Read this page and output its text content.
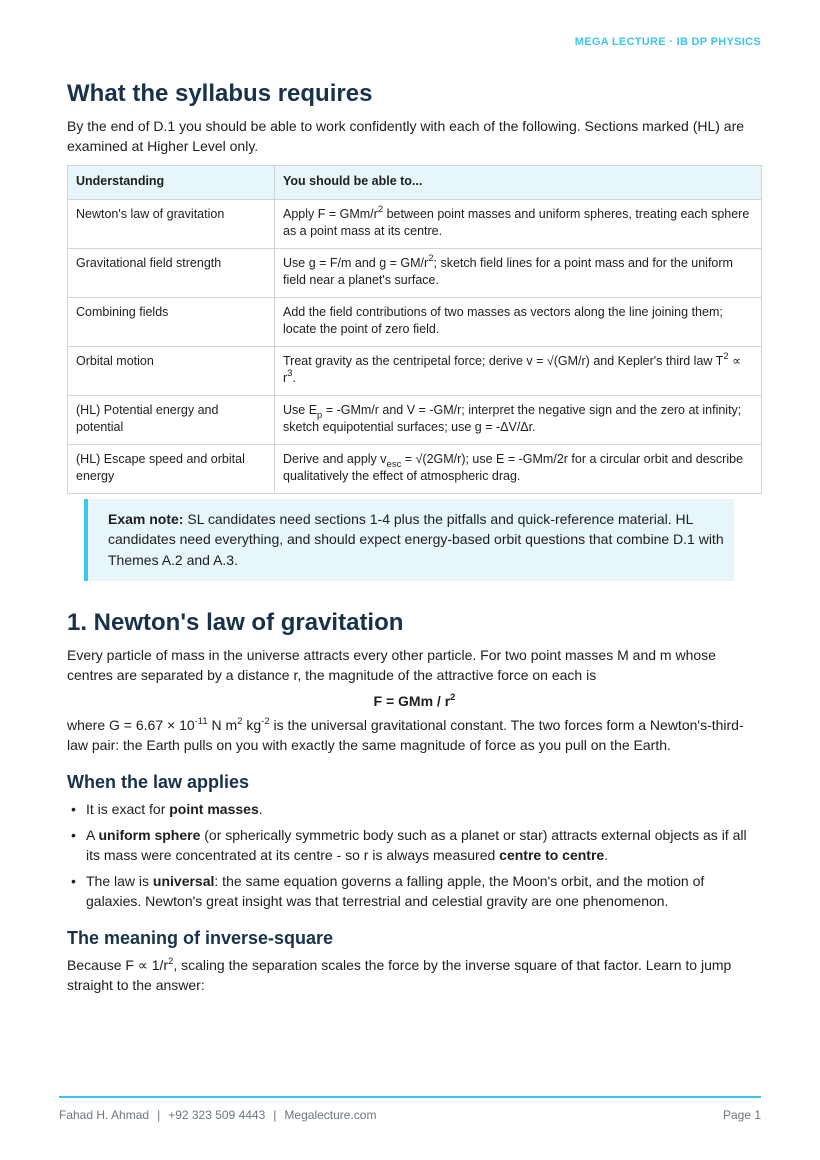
MEGA LECTURE · IB DP PHYSICS
What the syllabus requires

By the end of D.1 you should be able to work confidently with each of the following. Sections marked (HL) are examined at Higher Level only.

Understanding	You should be able to...
Newton's law of gravitation	Apply F = GMm/$r^2$ between point masses and uniform spheres, treating each sphere as a point mass at its centre.
Gravitational field strength	Use g = F/m and $g = GM/r^2$; sketch field lines for a point mass and for the uniform field near a planet's surface.
Combining fields	Add the field contributions of two masses as vectors along the line joining them; locate the point of zero field.
Orbital motion	Treat gravity as the centripetal force; derive v = √(GM/r) and Kepler's third law $T^2 \propto r^3$.
(HL) Potential energy and potential	Use $E_p = -GMm/r$ and V = -GM/r; interpret the negative sign and the zero at infinity; sketch equipotential surfaces; use g = -ΔV/Δr.
(HL) Escape speed and orbital energy	Derive and apply $v_{esc} = √(2GM/r)$; use E = -GMm/2r for a circular orbit and describe qualitatively the effect of atmospheric drag.
Exam note: SL candidates need sections 1-4 plus the pitfalls and quick-reference material. HL candidates need everything, and should expect energy-based orbit questions that combine D.1 with Themes A.2 and A.3.
1. Newton's law of gravitation

Every particle of mass in the universe attracts every other particle. For two point masses M and m whose centres are separated by a distance r, the magnitude of the attractive force on each is

F = GMm / $r^2$

where $G = 6.67 \times 10^{-11}$ N $m^2$ $kg^{-2}$ is the universal gravitational constant. The two forces form a Newton's-third-law pair: the Earth pulls on you with exactly the same magnitude of force as you pull on the Earth.

When the law applies
• It is exact for point masses.
• A uniform sphere (or spherically symmetric body such as a planet or star) attracts external objects as if all its mass were concentrated at its centre - so r is always measured centre to centre.
• The law is universal: the same equation governs a falling apple, the Moon's orbit, and the motion of galaxies. Newton's great insight was that terrestrial and celestial gravity are one phenomenon.
The meaning of inverse-square

Because $F \propto 1/r^2$, scaling the separation scales the force by the inverse square of that factor. Learn to jump straight to the answer:

Fahad H. Ahmad | +92 323 509 4443 | Megalecture.com	Page 1
